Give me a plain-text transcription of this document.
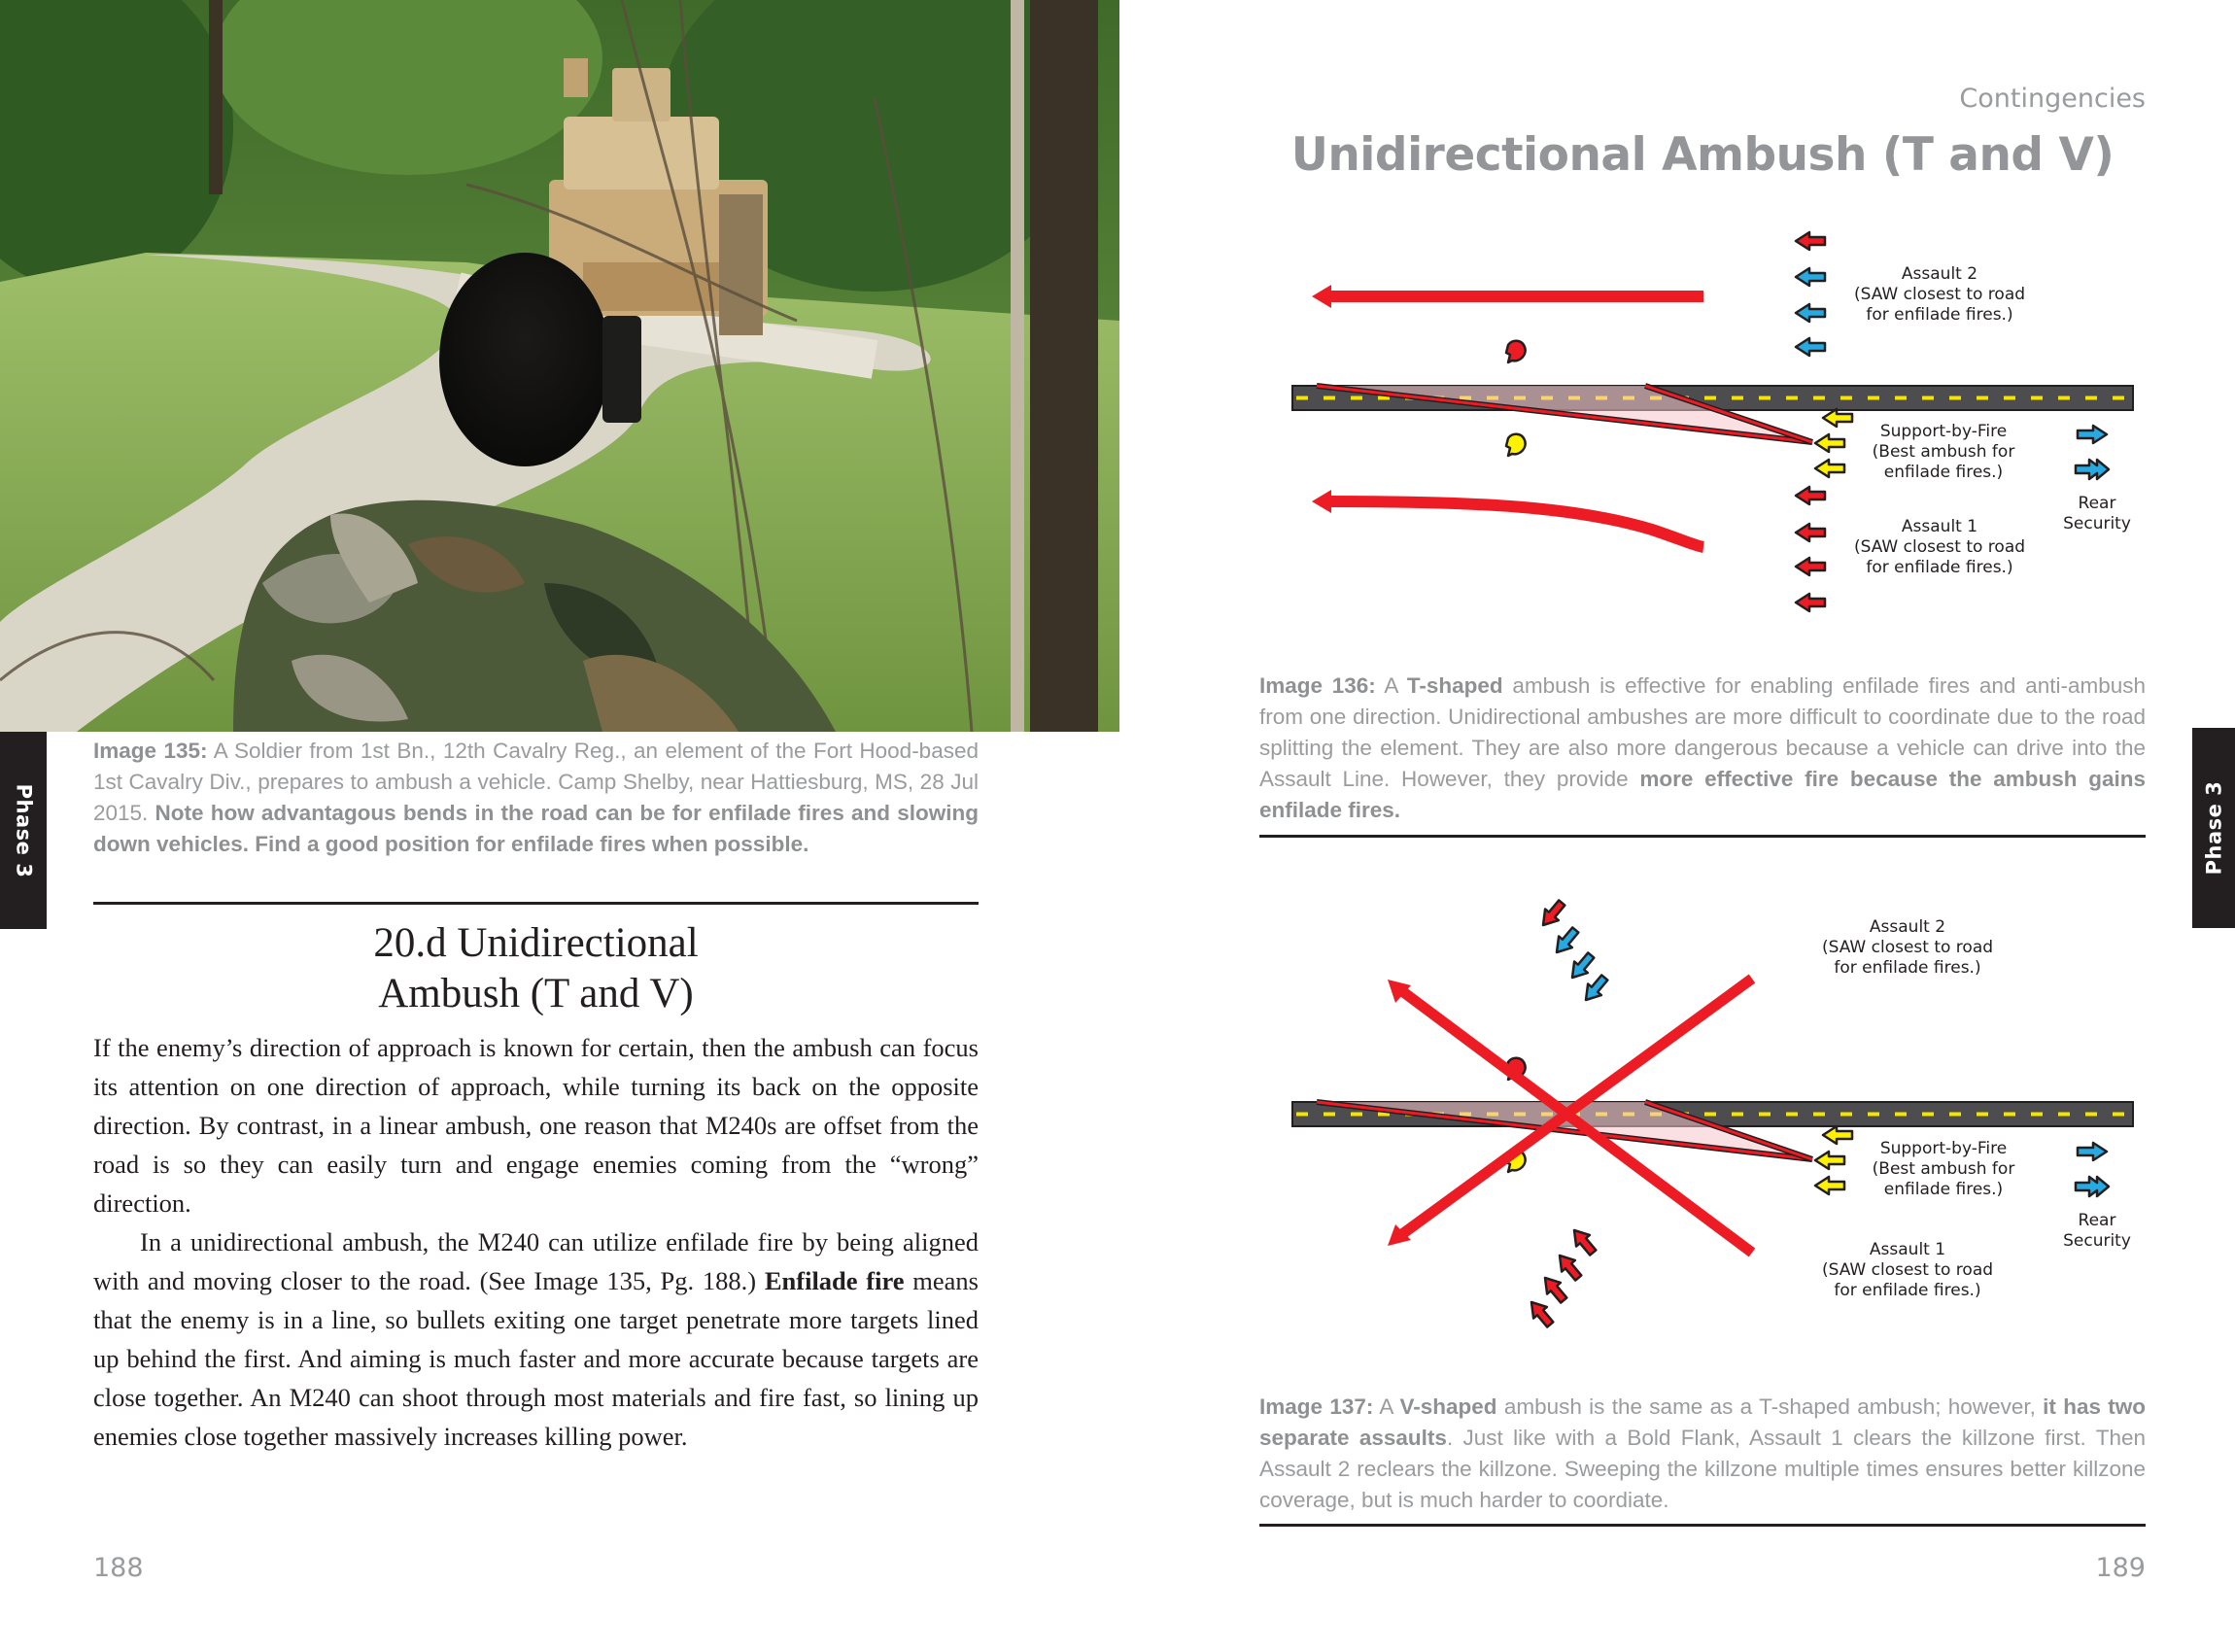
Phase 3
Image 135: A Soldier from 1st Bn., 12th Cavalry Reg., an element of the Fort Hood-based 1st Cavalry Div., prepares to ambush a vehicle. Camp Shelby, near Hattiesburg, MS, 28 Jul 2015. Note how advantagous bends in the road can be for enfilade fires and slowing down vehicles. Find a good position for enfilade fires when possible.
20.d Unidirectional
Ambush (T and V)

If the enemy’s direction of approach is known for certain, then the ambush can focus its attention on one direction of approach, while turning its back on the opposite direction. By contrast, in a linear ambush, one reason that M240s are offset from the road is so they can easily turn and engage enemies coming from the “wrong” direction.

In a unidirectional ambush, the M240 can utilize enfilade fire by being aligned with and moving closer to the road. (See Image 135, Pg. 188.) Enfilade fire means that the enemy is in a line, so bullets exiting one target penetrate more targets lined up behind the first. And aiming is much faster and more accurate because targets are close together. An M240 can shoot through most materials and fire fast, so lining up enemies close together massively increases killing power.

188
Contingencies
Unidirectional Ambush (T and V)
Phase 3
Assault 2
(SAW closest to road
for enfilade fires.)
Support-by-Fire
(Best ambush for
enfilade fires.)
Rear
Security
Assault 1
(SAW closest to road
for enfilade fires.)
Image 136: A T-shaped ambush is effective for enabling enfilade fires and anti-ambush from one direction. Unidirectional ambushes are more difficult to coordinate due to the road splitting the element. They are also more dangerous because a vehicle can drive into the Assault Line. However, they provide more effective fire because the ambush gains enfilade fires.
Assault 2
(SAW closest to road
for enfilade fires.)
Support-by-Fire
(Best ambush for
enfilade fires.)
Rear
Security
Assault 1
(SAW closest to road
for enfilade fires.)
Image 137: A V-shaped ambush is the same as a T-shaped ambush; however, it has two separate assaults. Just like with a Bold Flank, Assault 1 clears the killzone first. Then Assault 2 reclears the killzone. Sweeping the killzone multiple times ensures better killzone coverage, but is much harder to coordiate.
189
